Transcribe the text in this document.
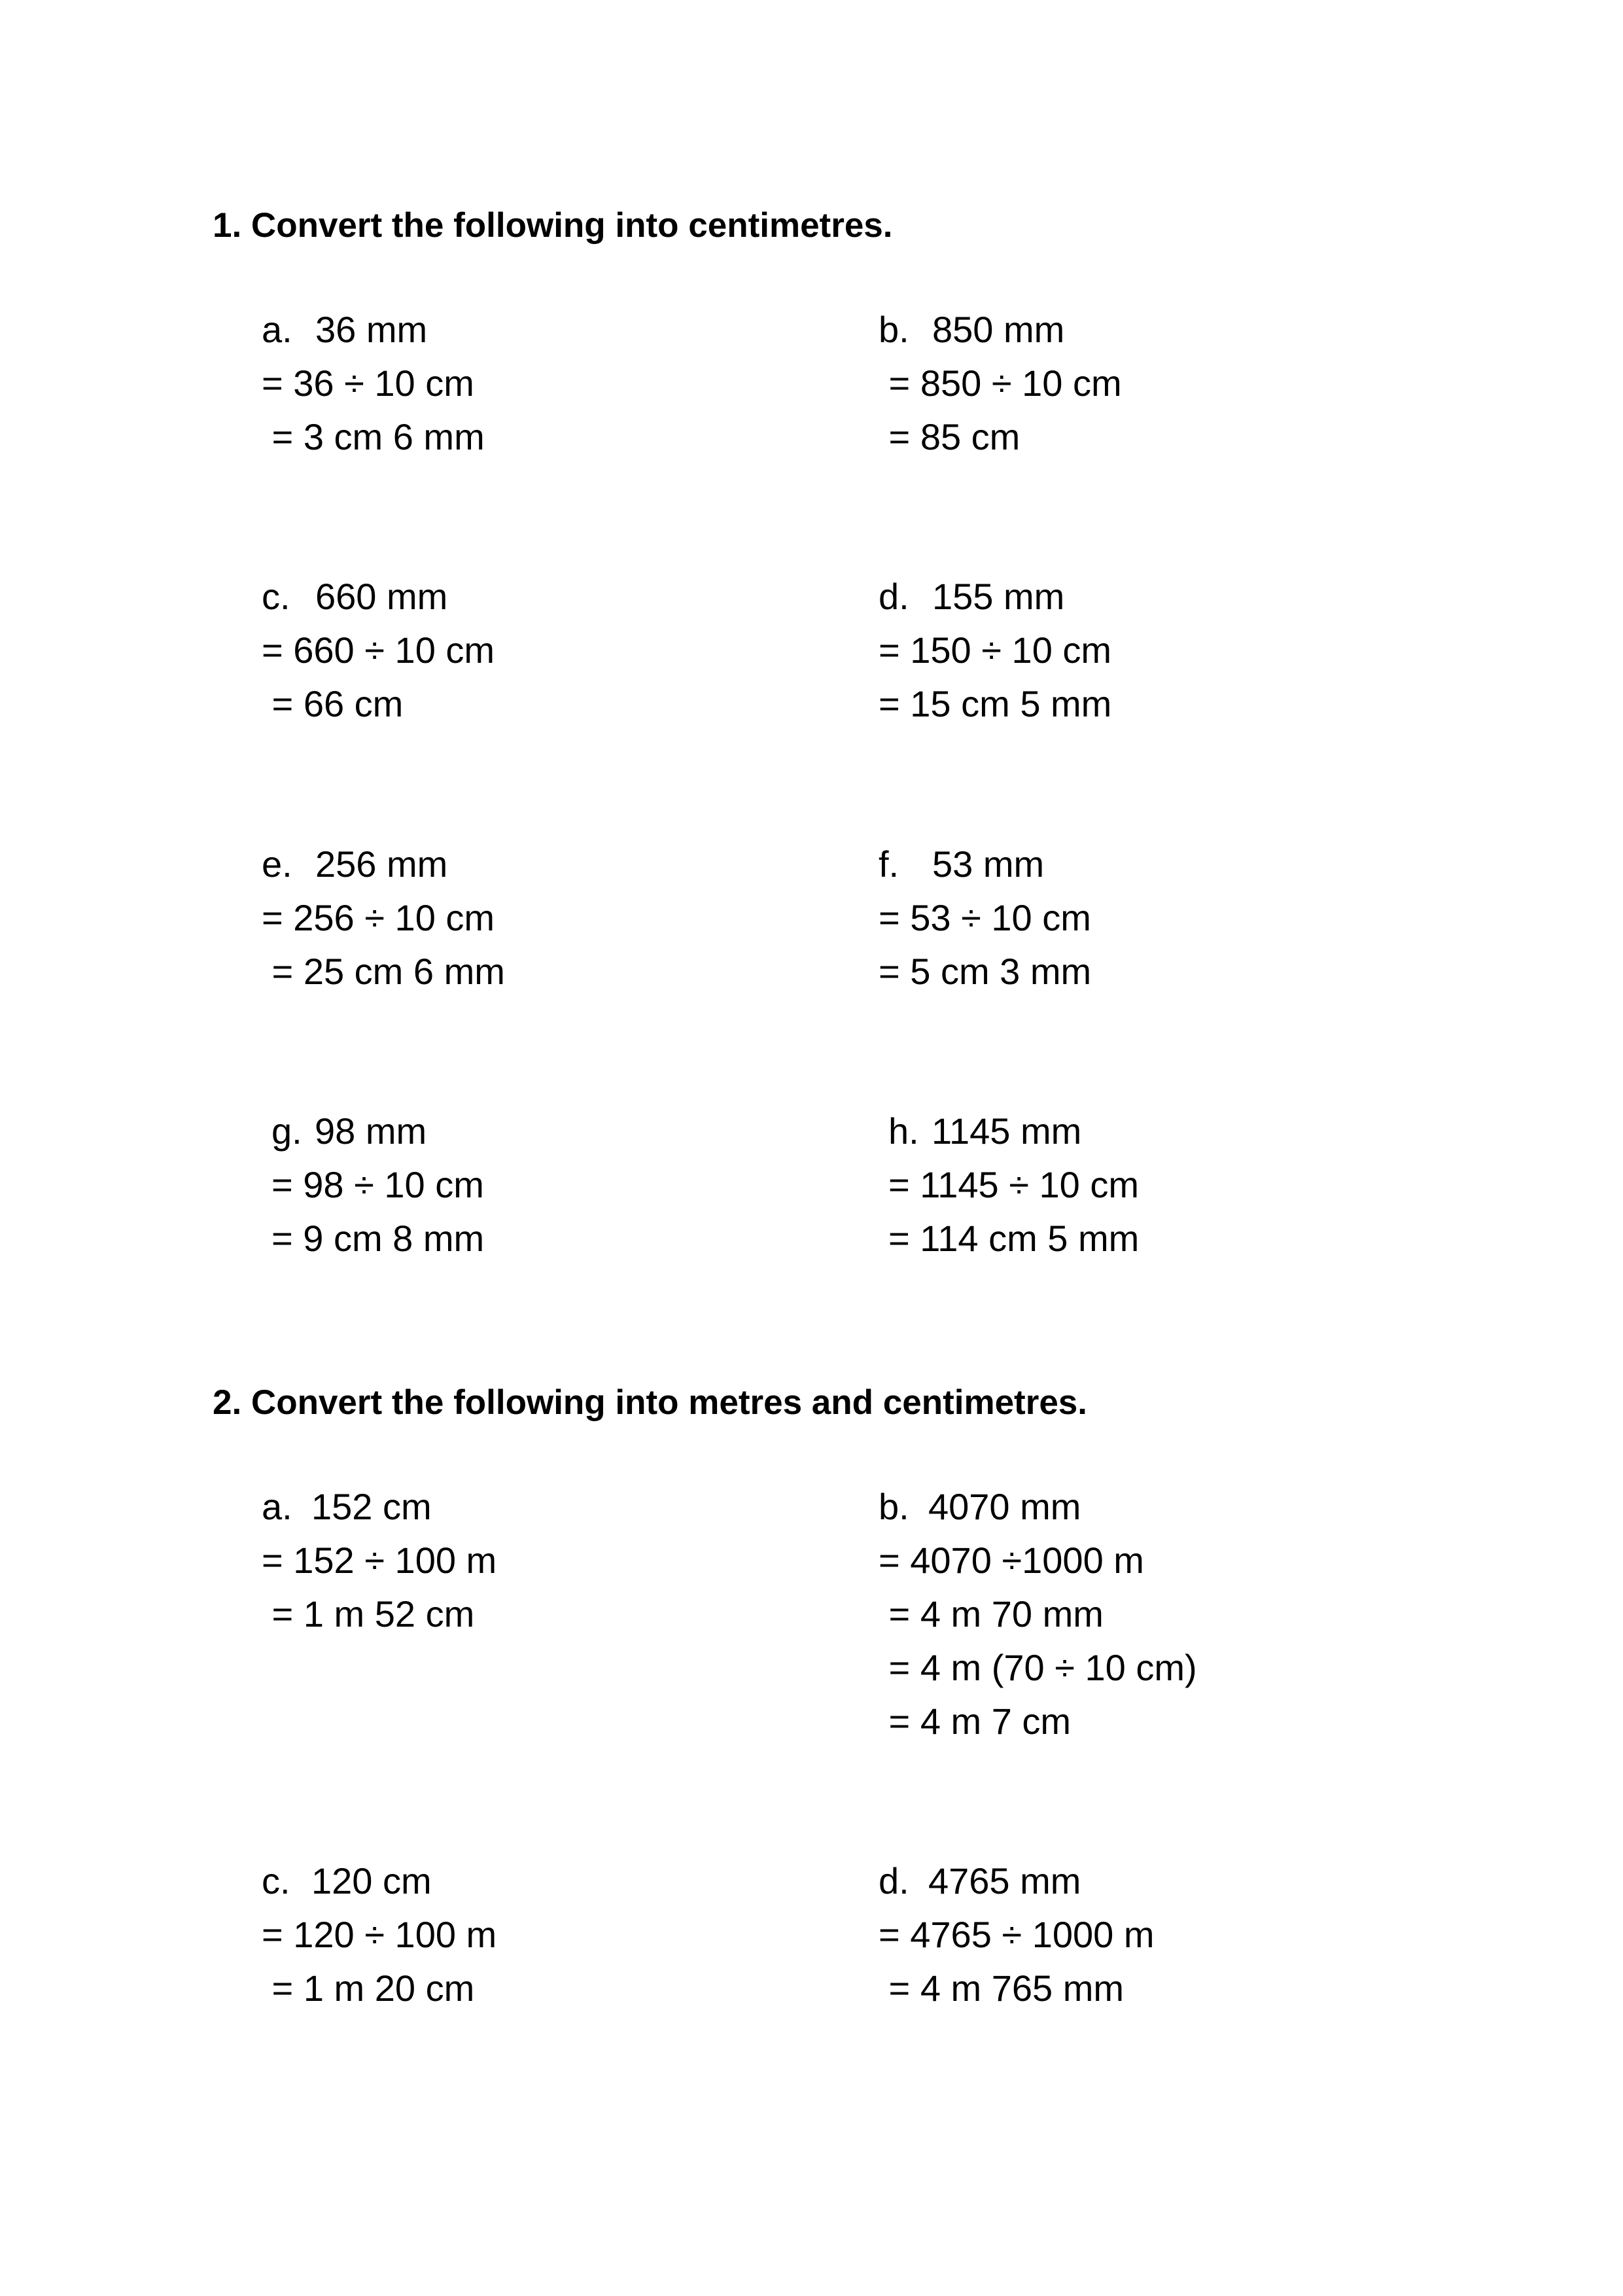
1. Convert the following into centimetres.
a. 36 mm
= 36 ÷ 10 cm
= 3 cm 6 mm
b. 850 mm
= 850 ÷ 10 cm
= 85 cm
c. 660 mm
= 660 ÷ 10 cm
= 66 cm
d. 155 mm
= 150 ÷ 10 cm
= 15 cm 5 mm
e. 256 mm
= 256 ÷ 10 cm
= 25 cm 6 mm
f. 53 mm
= 53 ÷ 10 cm
= 5 cm 3 mm
g. 98 mm
= 98 ÷ 10 cm
= 9 cm 8 mm
h. 1145 mm
= 1145 ÷ 10 cm
= 114 cm 5 mm
2. Convert the following into metres and centimetres.
a. 152 cm
= 152 ÷ 100 m
= 1 m 52 cm
b. 4070 mm
= 4070 ÷1000 m
= 4 m 70 mm
= 4 m (70 ÷ 10 cm)
= 4 m 7 cm
c. 120 cm
= 120 ÷ 100 m
= 1 m 20 cm
d. 4765 mm
= 4765 ÷ 1000 m
= 4 m 765 mm
